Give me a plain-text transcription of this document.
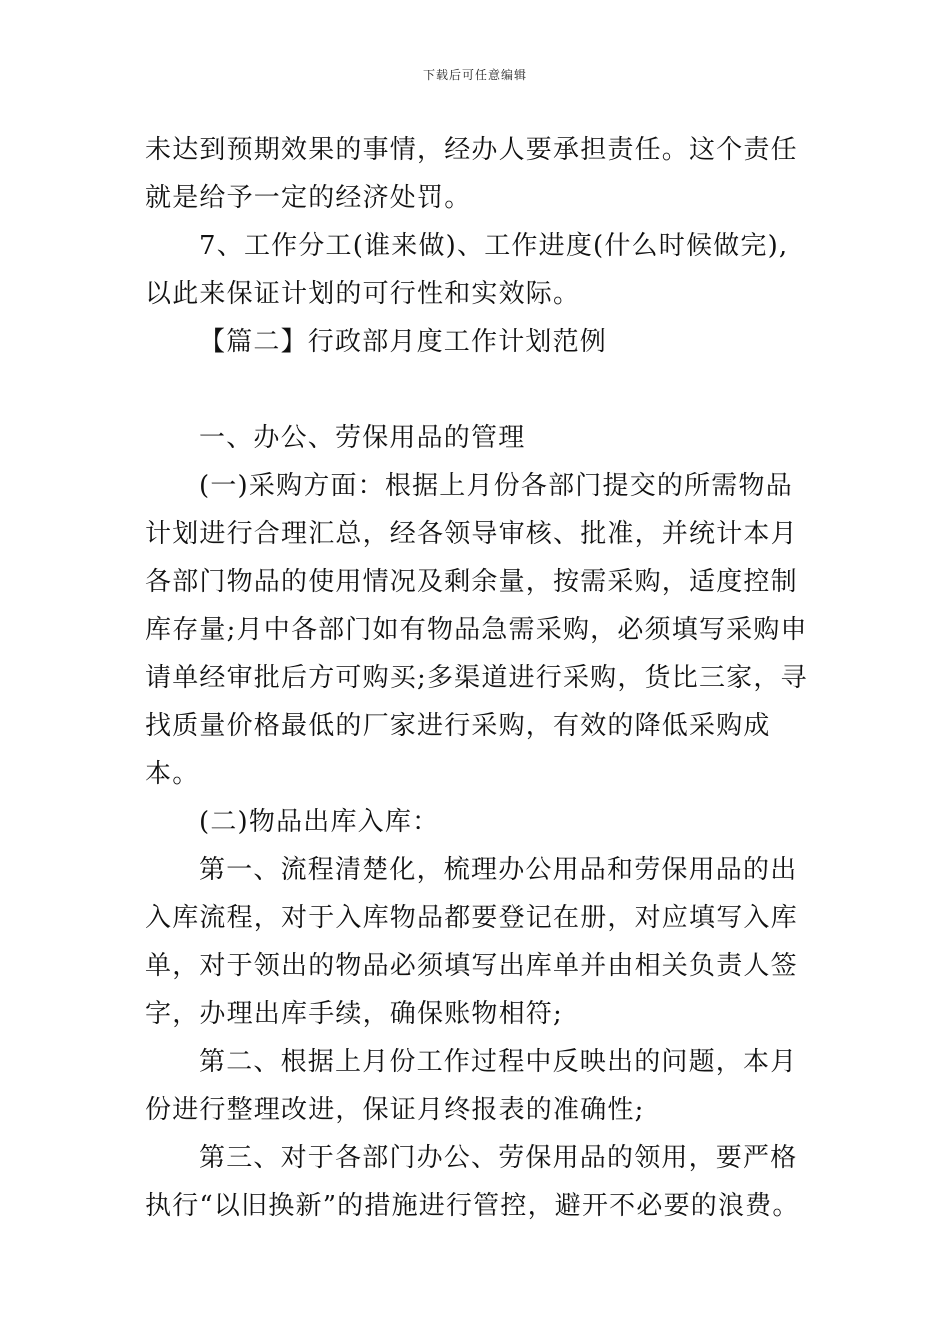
下载后可任意编辑

未达到预期效果的事情，经办人要承担责任。这个责任就是给予一定的经济处罚。

7、工作分工(谁来做)、工作进度(什么时候做完),以此来保证计划的可行性和实效际。

【篇二】行政部月度工作计划范例

一、办公、劳保用品的管理

(一)采购方面：根据上月份各部门提交的所需物品计划进行合理汇总，经各领导审核、批准，并统计本月各部门物品的使用情况及剩余量，按需采购，适度控制库存量;月中各部门如有物品急需采购，必须填写采购申请单经审批后方可购买;多渠道进行采购，货比三家，寻找质量价格最低的厂家进行采购，有效的降低采购成本。

(二)物品出库入库：

第一、流程清楚化，梳理办公用品和劳保用品的出入库流程，对于入库物品都要登记在册，对应填写入库单，对于领出的物品必须填写出库单并由相关负责人签字，办理出库手续，确保账物相符;

第二、根据上月份工作过程中反映出的问题，本月份进行整理改进，保证月终报表的准确性;

第三、对于各部门办公、劳保用品的领用，要严格执行“以旧换新”的措施进行管控，避开不必要的浪费。
